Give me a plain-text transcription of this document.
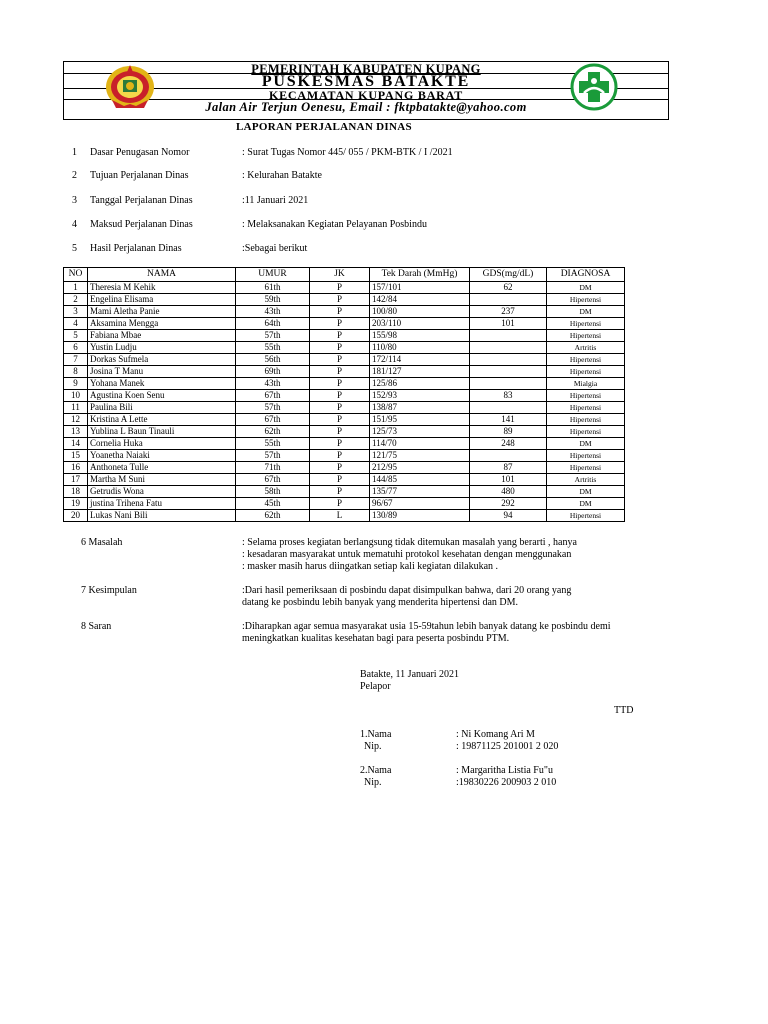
PEMERINTAH KABUPATEN KUPANG
PUSKESMAS BATAKTE
KECAMATAN KUPANG BARAT
Jalan Air Terjun Oenesu, Email : fktpbatakte@yahoo.com
LAPORAN PERJALANAN DINAS
1 Dasar Penugasan Nomor	: Surat Tugas Nomor 445/ 055 / PKM-BTK / I /2021
2 Tujuan Perjalanan Dinas	: Kelurahan Batakte
3 Tanggal Perjalanan Dinas	:11 Januari 2021
4 Maksud Perjalanan Dinas	: Melaksanakan Kegiatan Pelayanan Posbindu
5 Hasil Perjalanan Dinas	:Sebagai berikut
NO	NAMA	UMUR	JK	Tek Darah (MmHg)	GDS(mg/dL)	DIAGNOSA
1	Theresia M Kehik	61th	P	157/101	62	DM
2	Engelina Elisama	59th	P	142/84		Hipertensi
3	Mami Aletha Panie	43th	P	100/80	237	DM
4	Aksamina Mengga	64th	P	203/110	101	Hipertensi
5	Fabiana Mbae	57th	P	155/98		Hipertensi
6	Yustin Ludju	55th	P	110/80		Artritis
7	Dorkas Sufmela	56th	P	172/114		Hipertensi
8	Josina T Manu	69th	P	181/127		Hipertensi
9	Yohana Manek	43th	P	125/86		Mialgia
10	Agustina Koen Senu	67th	P	152/93	83	Hipertensi
11	Paulina Bili	57th	P	138/87		Hipertensi
12	Kristina A Lette	67th	P	151/95	141	Hipertensi
13	Yublina L Baun Tinauli	62th	P	125/73	89	Hipertensi
14	Cornelia Huka	55th	P	114/70	248	DM
15	Yoanetha Naiaki	57th	P	121/75		Hipertensi
16	Anthoneta Tulle	71th	P	212/95	87	Hipertensi
17	Martha M Suni	67th	P	144/85	101	Artritis
18	Getrudis Wona	58th	P	135/77	480	DM
19	justina Trihena Fatu	45th	P	96/67	292	DM
20	Lukas Nani Bili	62th	L	130/89	94	Hipertensi
6 Masalah	: Selama proses kegiatan berlangsung tidak ditemukan masalah yang berarti , hanya
: kesadaran masyarakat untuk mematuhi protokol kesehatan dengan menggunakan
: masker masih harus diingatkan setiap kali kegiatan dilakukan .
7 Kesimpulan	:Dari hasil pemeriksaan di posbindu dapat disimpulkan bahwa, dari 20 orang yang
datang ke posbindu lebih banyak yang menderita hipertensi dan DM.
8 Saran	:Diharapkan agar semua masyarakat usia 15-59tahun lebih banyak datang ke posbindu demi
meningkatkan kualitas kesehatan bagi para peserta posbindu PTM.
Batakte, 11 Januari 2021
Pelapor
TTD
1.Nama	: Ni Komang Ari M
Nip.	: 19871125 201001 2 020
2.Nama	: Margaritha Listia Fu"u
Nip.	:19830226 200903 2 010
